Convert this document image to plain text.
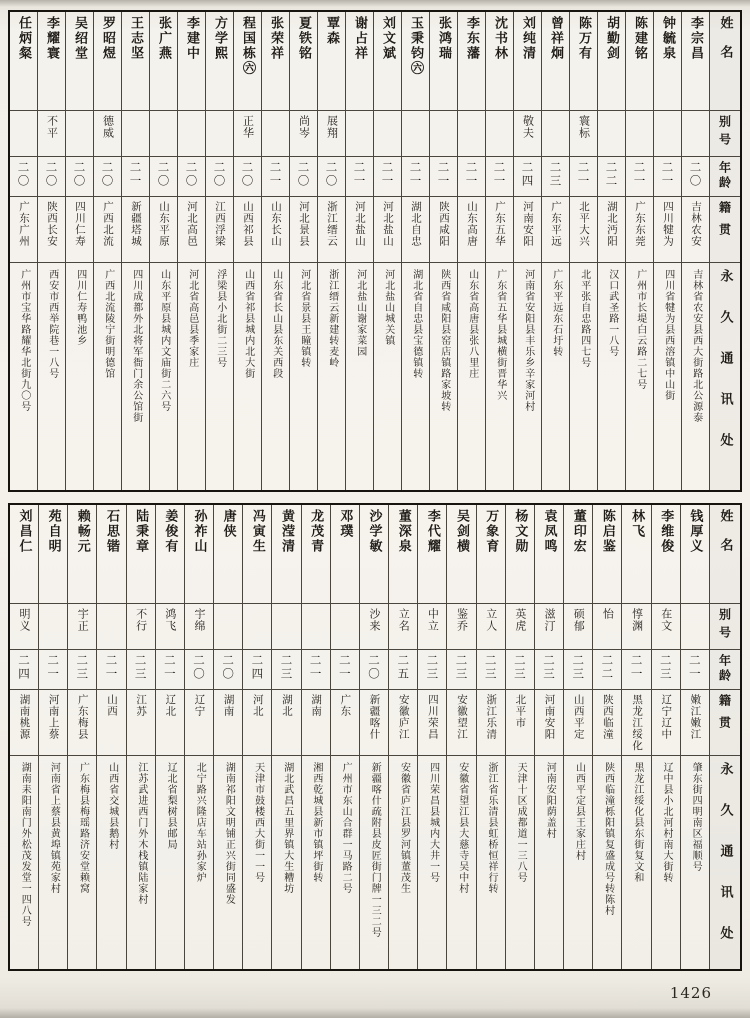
姓名
别号
年龄
籍贯
永久通讯处
李宗昌
二〇
吉林农安
吉林省农安县西大街路北公源泰
钟毓泉
二一
四川犍为
四川省犍为县西溶镇中山街
陈建铭
二一
广东东莞
广州市长堤白云路二七号
胡勤剑
二二
湖北沔阳
汉口武圣路一八号
陈万有
寰标
二一
北平大兴
北平张自忠路四七号
曾祥炯
二三
广东平远
广东平远东石圩转
刘纯清
敬夫
二四
河南安阳
河南省安阳县丰乐乡辛家河村
沈书林
二一
广东五华
广东省五华县城横街晋华兴
李东藩
二一
山东高唐
山东省高唐县张八里庄
张鸿瑞
二一
陕西咸阳
陕西省咸阳县窑店镇路家坡转
玉秉钧㊅
二一
湖北自忠
湖北省自忠县宝德镇转
刘文斌
二一
河北盐山
河北盐山城关镇
谢占祥
二一
河北盐山
河北盐山谢家菜园
覃森
展翔
二〇
浙江缙云
浙江缙云新建转麦岭
夏铁铭
尚岑
二〇
河北景县
河北省景县王瞳镇转
张荣祥
二一
山东长山
山东省长山县东关西段
程国栋㊅
正华
二〇
山西祁县
山西省祁县城内北大街
方学熙
二〇
江西浮梁
浮梁县小北街二三号
李建中
二〇
河北高邑
河北省高邑县季家庄
张广燕
二〇
山东平原
山东平原县城内文庙街二六号
王志坚
二一
新疆塔城
四川成都外北将军衙门余公馆街
罗昭煜
德威
二〇
广西北流
广西北流陵宁街明德馆
吴绍堂
二〇
四川仁寿
四川仁寿鸭池乡
李耀寰
不平
二〇
陕西长安
西安市西举院巷一八号
任炳粲
二〇
广东广州
广州市宝华路耀华北街九〇号
姓名
别号
年龄
籍贯
永久通讯处
钱厚义
二一
嫩江嫩江
肇东街四明南区福顺号
李维俊
在文
二三
辽宁辽中
辽中县小北河村南大街转
林飞
惇渊
二一
黑龙江绥化
黑龙江绥化县东街复文和
陈启鉴
怡
二二
陕西临潼
陕西临潼栎阳镇复盛成号转陈村
董印宏
硕郁
二三
山西平定
山西平定县王家庄村
袁凤鸣
滋汀
二三
河南安阳
河南安阳荫盖村
杨文勋
英虎
二三
北平市
天津十区成都道一三八号
万象育
立人
二三
浙江乐清
浙江省乐清县虹桥恒祥行转
吴剑横
鉴乔
二三
安徽望江
安徽省望江县大慈寺吴中村
李代耀
中立
二三
四川荣昌
四川荣昌县城内大井一号
董深泉
立名
二五
安徽庐江
安徽省庐江县罗河镇董茂生
沙学敏
沙来
二〇
新疆喀什
新疆喀什疏附县皮匠街门牌一三二号
邓璞
二一
广东
广州市东山合群一马路二号
龙茂青
二一
湖南
湘西乾城县新市镇坪街转
黄滢清
二三
湖北
湖北武昌五里界镇大生糟坊
冯寅生
二四
河北
天津市鼓楼西大街一一号
唐侠
二〇
湖南
湖南祁阳文明铺正兴街同盛发
孙祚山
宇绵
二〇
辽宁
北宁路兴隆店车站孙家炉
姜俊有
鸿飞
二一
辽北
辽北省梨树县邮局
陆秉章
不行
二三
江苏
江苏武进西门外木栈镇陆家村
石思锴
二一
山西
山西省交城县鹅村
赖畅元
宇正
二三
广东梅县
广东梅县梅瑶路济安堂赖窝
苑自明
二一
河南上蔡
河南省上蔡县黄埠镇苑家村
刘昌仁
明义
二四
湖南桃源
湖南耒阳南门外松茂发堂一四八号
1426
